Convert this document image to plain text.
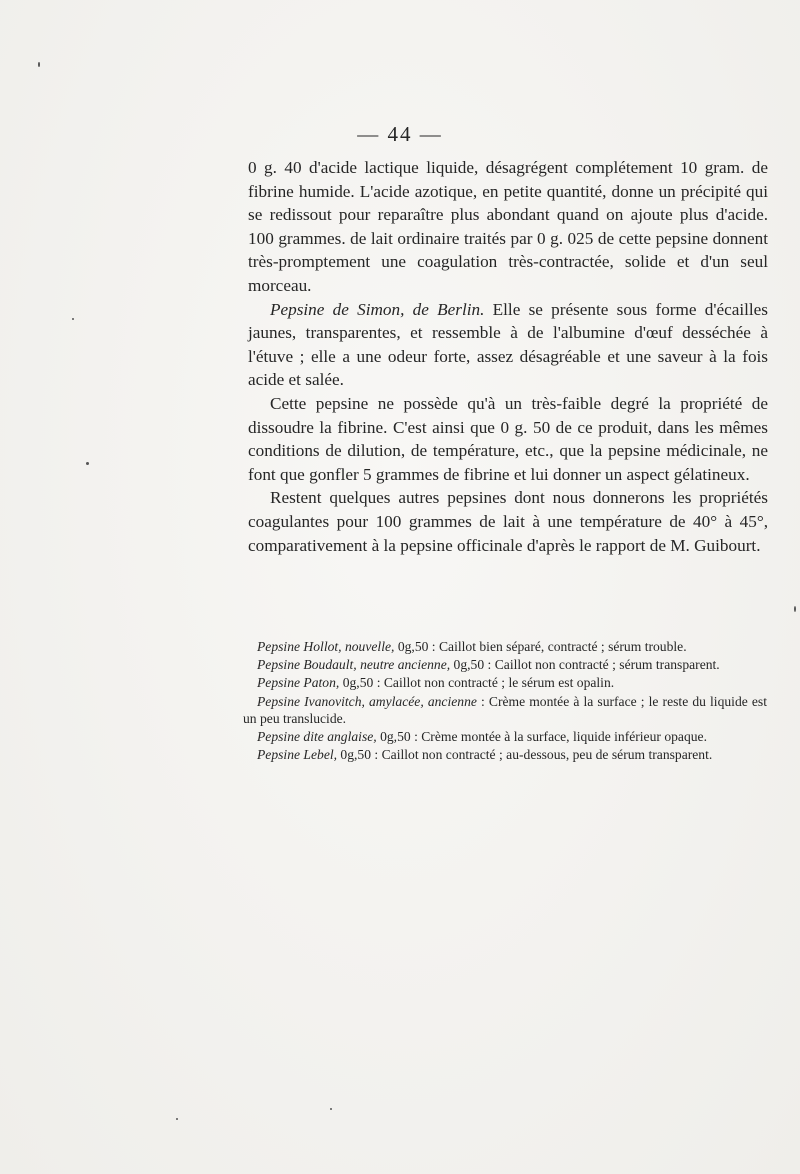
— 44 —

0 g. 40 d'acide lactique liquide, désagrégent complétement 10 gram. de fibrine humide. L'acide azotique, en petite quantité, donne un précipité qui se redissout pour reparaître plus abondant quand on ajoute plus d'acide. 100 grammes. de lait ordinaire traités par 0 g. 025 de cette pepsine donnent très-promptement une coagulation très-contractée, solide et d'un seul morceau.

Pepsine de Simon, de Berlin. Elle se présente sous forme d'écailles jaunes, transparentes, et ressemble à de l'albumine d'œuf desséchée à l'étuve ; elle a une odeur forte, assez désagréable et une saveur à la fois acide et salée.

Cette pepsine ne possède qu'à un très-faible degré la propriété de dissoudre la fibrine. C'est ainsi que 0 g. 50 de ce produit, dans les mêmes conditions de dilution, de température, etc., que la pepsine médicinale, ne font que gonfler 5 grammes de fibrine et lui donner un aspect gélatineux.

Restent quelques autres pepsines dont nous donnerons les propriétés coagulantes pour 100 grammes de lait à une température de 40° à 45°, comparativement à la pepsine officinale d'après le rapport de M. Guibourt.

Pepsine Hollot, nouvelle, 0g,50 : Caillot bien séparé, contracté ; sérum trouble.

Pepsine Boudault, neutre ancienne, 0g,50 : Caillot non contracté ; sérum transparent.

Pepsine Paton, 0g,50 : Caillot non contracté ; le sérum est opalin.

Pepsine Ivanovitch, amylacée, ancienne : Crème montée à la surface ; le reste du liquide est un peu translucide.

Pepsine dite anglaise, 0g,50 : Crème montée à la surface, liquide inférieur opaque.

Pepsine Lebel, 0g,50 : Caillot non contracté ; au-dessous, peu de sérum transparent.
